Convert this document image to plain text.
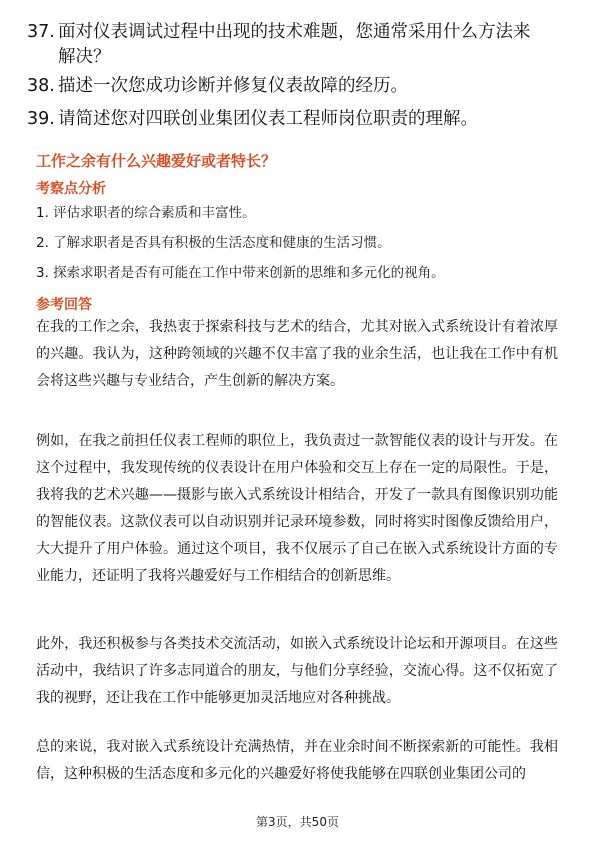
37. 面对仪表调试过程中出现的技术难题，您通常采用什么方法来解决？
38. 描述一次您成功诊断并修复仪表故障的经历。
39. 请简述您对四联创业集团仪表工程师岗位职责的理解。
工作之余有什么兴趣爱好或者特长？
考察点分析
1. 评估求职者的综合素质和丰富性。
2. 了解求职者是否具有积极的生活态度和健康的生活习惯。
3. 探索求职者是否有可能在工作中带来创新的思维和多元化的视角。
参考回答
在我的工作之余，我热衷于探索科技与艺术的结合，尤其对嵌入式系统设计有着浓厚的兴趣。我认为，这种跨领域的兴趣不仅丰富了我的业余生活，也让我在工作中有机会将这些兴趣与专业结合，产生创新的解决方案。
例如，在我之前担任仪表工程师的职位上，我负责过一款智能仪表的设计与开发。在这个过程中，我发现传统的仪表设计在用户体验和交互上存在一定的局限性。于是，我将我的艺术兴趣——摄影与嵌入式系统设计相结合，开发了一款具有图像识别功能的智能仪表。这款仪表可以自动识别并记录环境参数，同时将实时图像反馈给用户，大大提升了用户体验。通过这个项目，我不仅展示了自己在嵌入式系统设计方面的专业能力，还证明了我将兴趣爱好与工作相结合的创新思维。
此外，我还积极参与各类技术交流活动，如嵌入式系统设计论坛和开源项目。在这些活动中，我结识了许多志同道合的朋友，与他们分享经验，交流心得。这不仅拓宽了我的视野，还让我在工作中能够更加灵活地应对各种挑战。
总的来说，我对嵌入式系统设计充满热情，并在业余时间不断探索新的可能性。我相信，这种积极的生活态度和多元化的兴趣爱好将使我能够在四联创业集团公司的
第3页，共50页
